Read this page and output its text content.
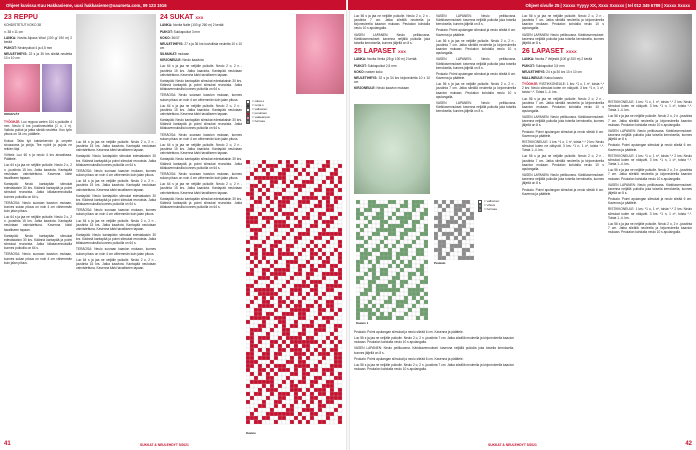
Ohjeet kuvissa Kuu Hakkasieme, uusi hakkasieme@saumeta.com, 09 123 1516
23 REPPU

KOHDISTETUT KOKO 38

n. 38 x 11 cm

LANKA: Novita Alpaca Wool (100 g/ 190 m) 2 kerää

PUIKOT: Neulepuikot 4 ja 4,5 mm

NEULETIHEYS: 22 s ja 30 krs sileää neuletta 10 x 10 cm

OIKEEVÄT

TYÖOHJE: Luo reppua varten 104 s puikoille 4 mm. Neulo 6 krs joustinneuletta (1 o, 1 n). Vaihda puikot ja jatka sileää neuletta. Kun työn pituus on 34 cm, päättele.

Kokoa: Taita työ kaksinkerroin ja ompele sivusauma ja pohja. Tee nyörit ja pujota ne reikien läpi.

Vöhleä: Luo 60 s ja neulo 4 krs ainaoikeaa. Päättele.

Luo 64 s ja jaa ne neljälle puikolle. Neulo 2 o, 2 n -joustinta 15 krs. Jatka kaaviota. Kantapää neulotaan vahvistettuna. Kavenna kärki tavalliseen tapaan.

Kantapää: Neulo kantapään silmukat edestakaisin 30 krs. Käännä kantapää ja poimi silmukat reunoista. Jatka kiilakavennuksilla kunnes puikoilla on 64 s.

TERÄOSA: Neulo suoraan kaavion mukaan, kunnes sukan pituus on noin 4 cm vähemmän kuin jalan pituus.

Luo 64 s ja jaa ne neljälle puikolle. Neulo 2 o, 2 n -joustinta 15 krs. Jatka kaaviota. Kantapää neulotaan vahvistettuna. Kavenna kärki tavalliseen tapaan.

Kantapää: Neulo kantapään silmukat edestakaisin 30 krs. Käännä kantapää ja poimi silmukat reunoista. Jatka kiilakavennuksilla kunnes puikoilla on 64 s.

TERÄOSA: Neulo suoraan kaavion mukaan, kunnes sukan pituus on noin 4 cm vähemmän kuin jalan pituus.

Luo 64 s ja jaa ne neljälle puikolle. Neulo 2 o, 2 n -joustinta 15 krs. Jatka kaaviota. Kantapää neulotaan vahvistettuna. Kavenna kärki tavalliseen tapaan.

Kantapää: Neulo kantapään silmukat edestakaisin 30 krs. Käännä kantapää ja poimi silmukat reunoista. Jatka kiilakavennuksilla kunnes puikoilla on 64 s.

TERÄOSA: Neulo suoraan kaavion mukaan, kunnes sukan pituus on noin 4 cm vähemmän kuin jalan pituus.

Luo 64 s ja jaa ne neljälle puikolle. Neulo 2 o, 2 n -joustinta 15 krs. Jatka kaaviota. Kantapää neulotaan vahvistettuna. Kavenna kärki tavalliseen tapaan.

Kantapää: Neulo kantapään silmukat edestakaisin 30 krs. Käännä kantapää ja poimi silmukat reunoista. Jatka kiilakavennuksilla kunnes puikoilla on 64 s.

TERÄOSA: Neulo suoraan kaavion mukaan, kunnes sukan pituus on noin 4 cm vähemmän kuin jalan pituus.

Luo 64 s ja jaa ne neljälle puikolle. Neulo 2 o, 2 n -joustinta 15 krs. Jatka kaaviota. Kantapää neulotaan vahvistettuna. Kavenna kärki tavalliseen tapaan.

Kantapää: Neulo kantapään silmukat edestakaisin 30 krs. Käännä kantapää ja poimi silmukat reunoista. Jatka kiilakavennuksilla kunnes puikoilla on 64 s.

TERÄOSA: Neulo suoraan kaavion mukaan, kunnes sukan pituus on noin 4 cm vähemmän kuin jalan pituus.

Luo 64 s ja jaa ne neljälle puikolle. Neulo 2 o, 2 n -joustinta 15 krs. Jatka kaaviota. Kantapää neulotaan vahvistettuna. Kavenna kärki tavalliseen tapaan.

24 SUKAT XXX

LANKA: Novita Nalle (100 g/ 260 m) 2 kerää

PUIKOT: Sukkapuikot 3 mm

KOKO: 36/37

NEULETIHEYS: 27 s ja 36 krs kuviollista neuletta 10 x 10 cm

SILMUKAT: mukaan

KIRJONEULE: Neulo kaaviota

Luo 64 s ja jaa ne neljälle puikolle. Neulo 2 o, 2 n -joustinta 15 krs. Jatka kaaviota. Kantapää neulotaan vahvistettuna. Kavenna kärki tavalliseen tapaan.

Kantapää: Neulo kantapään silmukat edestakaisin 30 krs. Käännä kantapää ja poimi silmukat reunoista. Jatka kiilakavennuksilla kunnes puikoilla on 64 s.

TERÄOSA: Neulo suoraan kaavion mukaan, kunnes sukan pituus on noin 4 cm vähemmän kuin jalan pituus.

Luo 64 s ja jaa ne neljälle puikolle. Neulo 2 o, 2 n -joustinta 15 krs. Jatka kaaviota. Kantapää neulotaan vahvistettuna. Kavenna kärki tavalliseen tapaan.

Kantapää: Neulo kantapään silmukat edestakaisin 30 krs. Käännä kantapää ja poimi silmukat reunoista. Jatka kiilakavennuksilla kunnes puikoilla on 64 s.

TERÄOSA: Neulo suoraan kaavion mukaan, kunnes sukan pituus on noin 4 cm vähemmän kuin jalan pituus.

Luo 64 s ja jaa ne neljälle puikolle. Neulo 2 o, 2 n -joustinta 15 krs. Jatka kaaviota. Kantapää neulotaan vahvistettuna. Kavenna kärki tavalliseen tapaan.

Kantapää: Neulo kantapään silmukat edestakaisin 30 krs. Käännä kantapää ja poimi silmukat reunoista. Jatka kiilakavennuksilla kunnes puikoilla on 64 s.

TERÄOSA: Neulo suoraan kaavion mukaan, kunnes sukan pituus on noin 4 cm vähemmän kuin jalan pituus.

Luo 64 s ja jaa ne neljälle puikolle. Neulo 2 o, 2 n -joustinta 15 krs. Jatka kaaviota. Kantapää neulotaan vahvistettuna. Kavenna kärki tavalliseen tapaan.

Kantapää: Neulo kantapään silmukat edestakaisin 30 krs. Käännä kantapää ja poimi silmukat reunoista. Jatka kiilakavennuksilla kunnes puikoilla on 64 s.

= oikea s
= nurja s
= valkoinen
= punainen
= vaaleanpun.
= harmaa
Kaavio
SUKKAT & NEULEHDYT 5/2021
41
Ohjeet sivulle 25 | Xxxxx Yyyyy XX, Xxxx Xxxxxx | tel 012 345 6789 | Xxxxx Xxxxx

Luo 56 s ja jaa ne neljälle puikolle. Neulo 2 o, 2 n -joustinta 7 cm. Jatka sileällä neuleella ja kirjoneuleella kaavion mukaan. Peukalon kohdalla neulo 10 s apulangalla.

VASEN LAPANEN: Neulo peilikuvana. Kärkikavennukset: kavenna neljällä puikolla joka toisella kerroksella, kunnes jäljellä on 8 s.

25 LAPASET XXX

LANKA: Novita Venla (25 g/ 100 m) 2 kerää

PUIKOT: Sukkapuikot 2,5 mm

KOKO: naisen koko

NEULETIHEYS: 32 s ja 34 krs kirjoneuletta 10 x 10 cm

KIRJONEULE: Neulo kaavion mukaan

Kaavio 1
Peukalo
= valkoinen
= vihreä
= harmaa

Peukalo: Poimi apulangan silmukat ja neulo sileää 6 cm. Kavenna ja päättele.

Luo 56 s ja jaa ne neljälle puikolle. Neulo 2 o, 2 n -joustinta 7 cm. Jatka sileällä neuleella ja kirjoneuleella kaavion mukaan. Peukalon kohdalla neulo 10 s apulangalla.

VASEN LAPANEN: Neulo peilikuvana. Kärkikavennukset: kavenna neljällä puikolla joka toisella kerroksella, kunnes jäljellä on 8 s.

Peukalo: Poimi apulangan silmukat ja neulo sileää 6 cm. Kavenna ja päättele.

Luo 56 s ja jaa ne neljälle puikolle. Neulo 2 o, 2 n -joustinta 7 cm. Jatka sileällä neuleella ja kirjoneuleella kaavion mukaan. Peukalon kohdalla neulo 10 s apulangalla.

VASEN LAPANEN: Neulo peilikuvana. Kärkikavennukset: kavenna neljällä puikolla joka toisella kerroksella, kunnes jäljellä on 8 s.

Peukalo: Poimi apulangan silmukat ja neulo sileää 6 cm. Kavenna ja päättele.

Luo 56 s ja jaa ne neljälle puikolle. Neulo 2 o, 2 n -joustinta 7 cm. Jatka sileällä neuleella ja kirjoneuleella kaavion mukaan. Peukalon kohdalla neulo 10 s apulangalla.

VASEN LAPANEN: Neulo peilikuvana. Kärkikavennukset: kavenna neljällä puikolla joka toisella kerroksella, kunnes jäljellä on 8 s.

Peukalo: Poimi apulangan silmukat ja neulo sileää 6 cm. Kavenna ja päättele.

Luo 56 s ja jaa ne neljälle puikolle. Neulo 2 o, 2 n -joustinta 7 cm. Jatka sileällä neuleella ja kirjoneuleella kaavion mukaan. Peukalon kohdalla neulo 10 s apulangalla.

VASEN LAPANEN: Neulo peilikuvana. Kärkikavennukset: kavenna neljällä puikolla joka toisella kerroksella, kunnes jäljellä on 8 s.

Luo 56 s ja jaa ne neljälle puikolle. Neulo 2 o, 2 n -joustinta 7 cm. Jatka sileällä neuleella ja kirjoneuleella kaavion mukaan. Peukalon kohdalla neulo 10 s apulangalla.

VASEN LAPANEN: Neulo peilikuvana. Kärkikavennukset: kavenna neljällä puikolla joka toisella kerroksella, kunnes jäljellä on 8 s.

26 LAPASET XXXX

LANKA: Novita 7 Veljestä (100 g/ 200 m) 2 kerää

PUIKOT: Sukkapuikot 3,5 mm

NEULETIHEYS: 24 s ja 30 krs 10 x 10 cm

MALLINEULE: Katso kaavio

TYÖOHJE: RISTIKKONEULE: 1 krs: *1 o, 1 n*, toista *-* 2 krs: Neulo silmukat kuten ne näkyvät. 3 krs: *1 n, 1 o*, toista *-*. Toista 1.-4. krs.

Luo 56 s ja jaa ne neljälle puikolle. Neulo 2 o, 2 n -joustinta 7 cm. Jatka sileällä neuleella ja kirjoneuleella kaavion mukaan. Peukalon kohdalla neulo 10 s apulangalla.

VASEN LAPANEN: Neulo peilikuvana. Kärkikavennukset: kavenna neljällä puikolla joka toisella kerroksella, kunnes jäljellä on 8 s.

Peukalo: Poimi apulangan silmukat ja neulo sileää 6 cm. Kavenna ja päättele.

RISTIKKONEULE: 1 krs: *1 o, 1 n*, toista *-* 2 krs: Neulo silmukat kuten ne näkyvät. 3 krs: *1 n, 1 o*, toista *-*. Toista 1.-4. krs.

Luo 56 s ja jaa ne neljälle puikolle. Neulo 2 o, 2 n -joustinta 7 cm. Jatka sileällä neuleella ja kirjoneuleella kaavion mukaan. Peukalon kohdalla neulo 10 s apulangalla.

VASEN LAPANEN: Neulo peilikuvana. Kärkikavennukset: kavenna neljällä puikolla joka toisella kerroksella, kunnes jäljellä on 8 s.

Peukalo: Poimi apulangan silmukat ja neulo sileää 6 cm. Kavenna ja päättele.

RISTIKKONEULE: 1 krs: *1 o, 1 n*, toista *-* 2 krs: Neulo silmukat kuten ne näkyvät. 3 krs: *1 n, 1 o*, toista *-*. Toista 1.-4. krs.

Luo 56 s ja jaa ne neljälle puikolle. Neulo 2 o, 2 n -joustinta 7 cm. Jatka sileällä neuleella ja kirjoneuleella kaavion mukaan. Peukalon kohdalla neulo 10 s apulangalla.

VASEN LAPANEN: Neulo peilikuvana. Kärkikavennukset: kavenna neljällä puikolla joka toisella kerroksella, kunnes jäljellä on 8 s.

Peukalo: Poimi apulangan silmukat ja neulo sileää 6 cm. Kavenna ja päättele.

RISTIKKONEULE: 1 krs: *1 o, 1 n*, toista *-* 2 krs: Neulo silmukat kuten ne näkyvät. 3 krs: *1 n, 1 o*, toista *-*. Toista 1.-4. krs.

Luo 56 s ja jaa ne neljälle puikolle. Neulo 2 o, 2 n -joustinta 7 cm. Jatka sileällä neuleella ja kirjoneuleella kaavion mukaan. Peukalon kohdalla neulo 10 s apulangalla.

VASEN LAPANEN: Neulo peilikuvana. Kärkikavennukset: kavenna neljällä puikolla joka toisella kerroksella, kunnes jäljellä on 8 s.

Peukalo: Poimi apulangan silmukat ja neulo sileää 6 cm. Kavenna ja päättele.

RISTIKKONEULE: 1 krs: *1 o, 1 n*, toista *-* 2 krs: Neulo silmukat kuten ne näkyvät. 3 krs: *1 n, 1 o*, toista *-*. Toista 1.-4. krs.

Luo 56 s ja jaa ne neljälle puikolle. Neulo 2 o, 2 n -joustinta 7 cm. Jatka sileällä neuleella ja kirjoneuleella kaavion mukaan. Peukalon kohdalla neulo 10 s apulangalla.

SUKKAT & NEULEHDYT 5/2021	42
